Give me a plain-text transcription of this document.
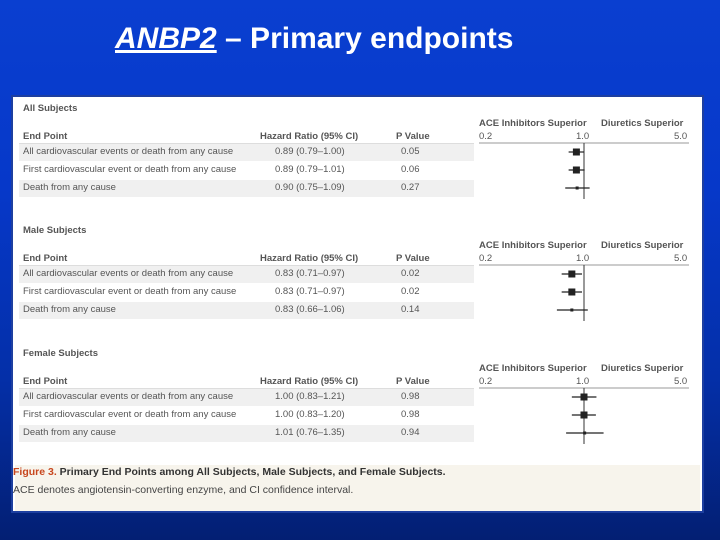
ANBP2 – Primary endpoints
Figure 3. Primary End Points among All Subjects, Male Subjects, and Female Subjects.
ACE denotes angiotensin-converting enzyme, and CI confidence interval.
All Subjects
ACE Inhibitors Superior Diuretics Superior
End Point	Hazard Ratio (95% CI)	P Value	0.2	1.0	5.0
All cardiovascular events or death from any cause	0.89 (0.79–1.00)	0.05
First cardiovascular event or death from any cause	0.89 (0.79–1.01)	0.06
Death from any cause	0.90 (0.75–1.09)	0.27
Male Subjects
ACE Inhibitors Superior Diuretics Superior
End Point	Hazard Ratio (95% CI)	P Value	0.2	1.0	5.0
All cardiovascular events or death from any cause	0.83 (0.71–0.97)	0.02
First cardiovascular event or death from any cause	0.83 (0.71–0.97)	0.02
Death from any cause	0.83 (0.66–1.06)	0.14
Female Subjects
ACE Inhibitors Superior Diuretics Superior
End Point	Hazard Ratio (95% CI)	P Value	0.2	1.0	5.0
All cardiovascular events or death from any cause	1.00 (0.83–1.21)	0.98
First cardiovascular event or death from any cause	1.00 (0.83–1.20)	0.98
Death from any cause	1.01 (0.76–1.35)	0.94
